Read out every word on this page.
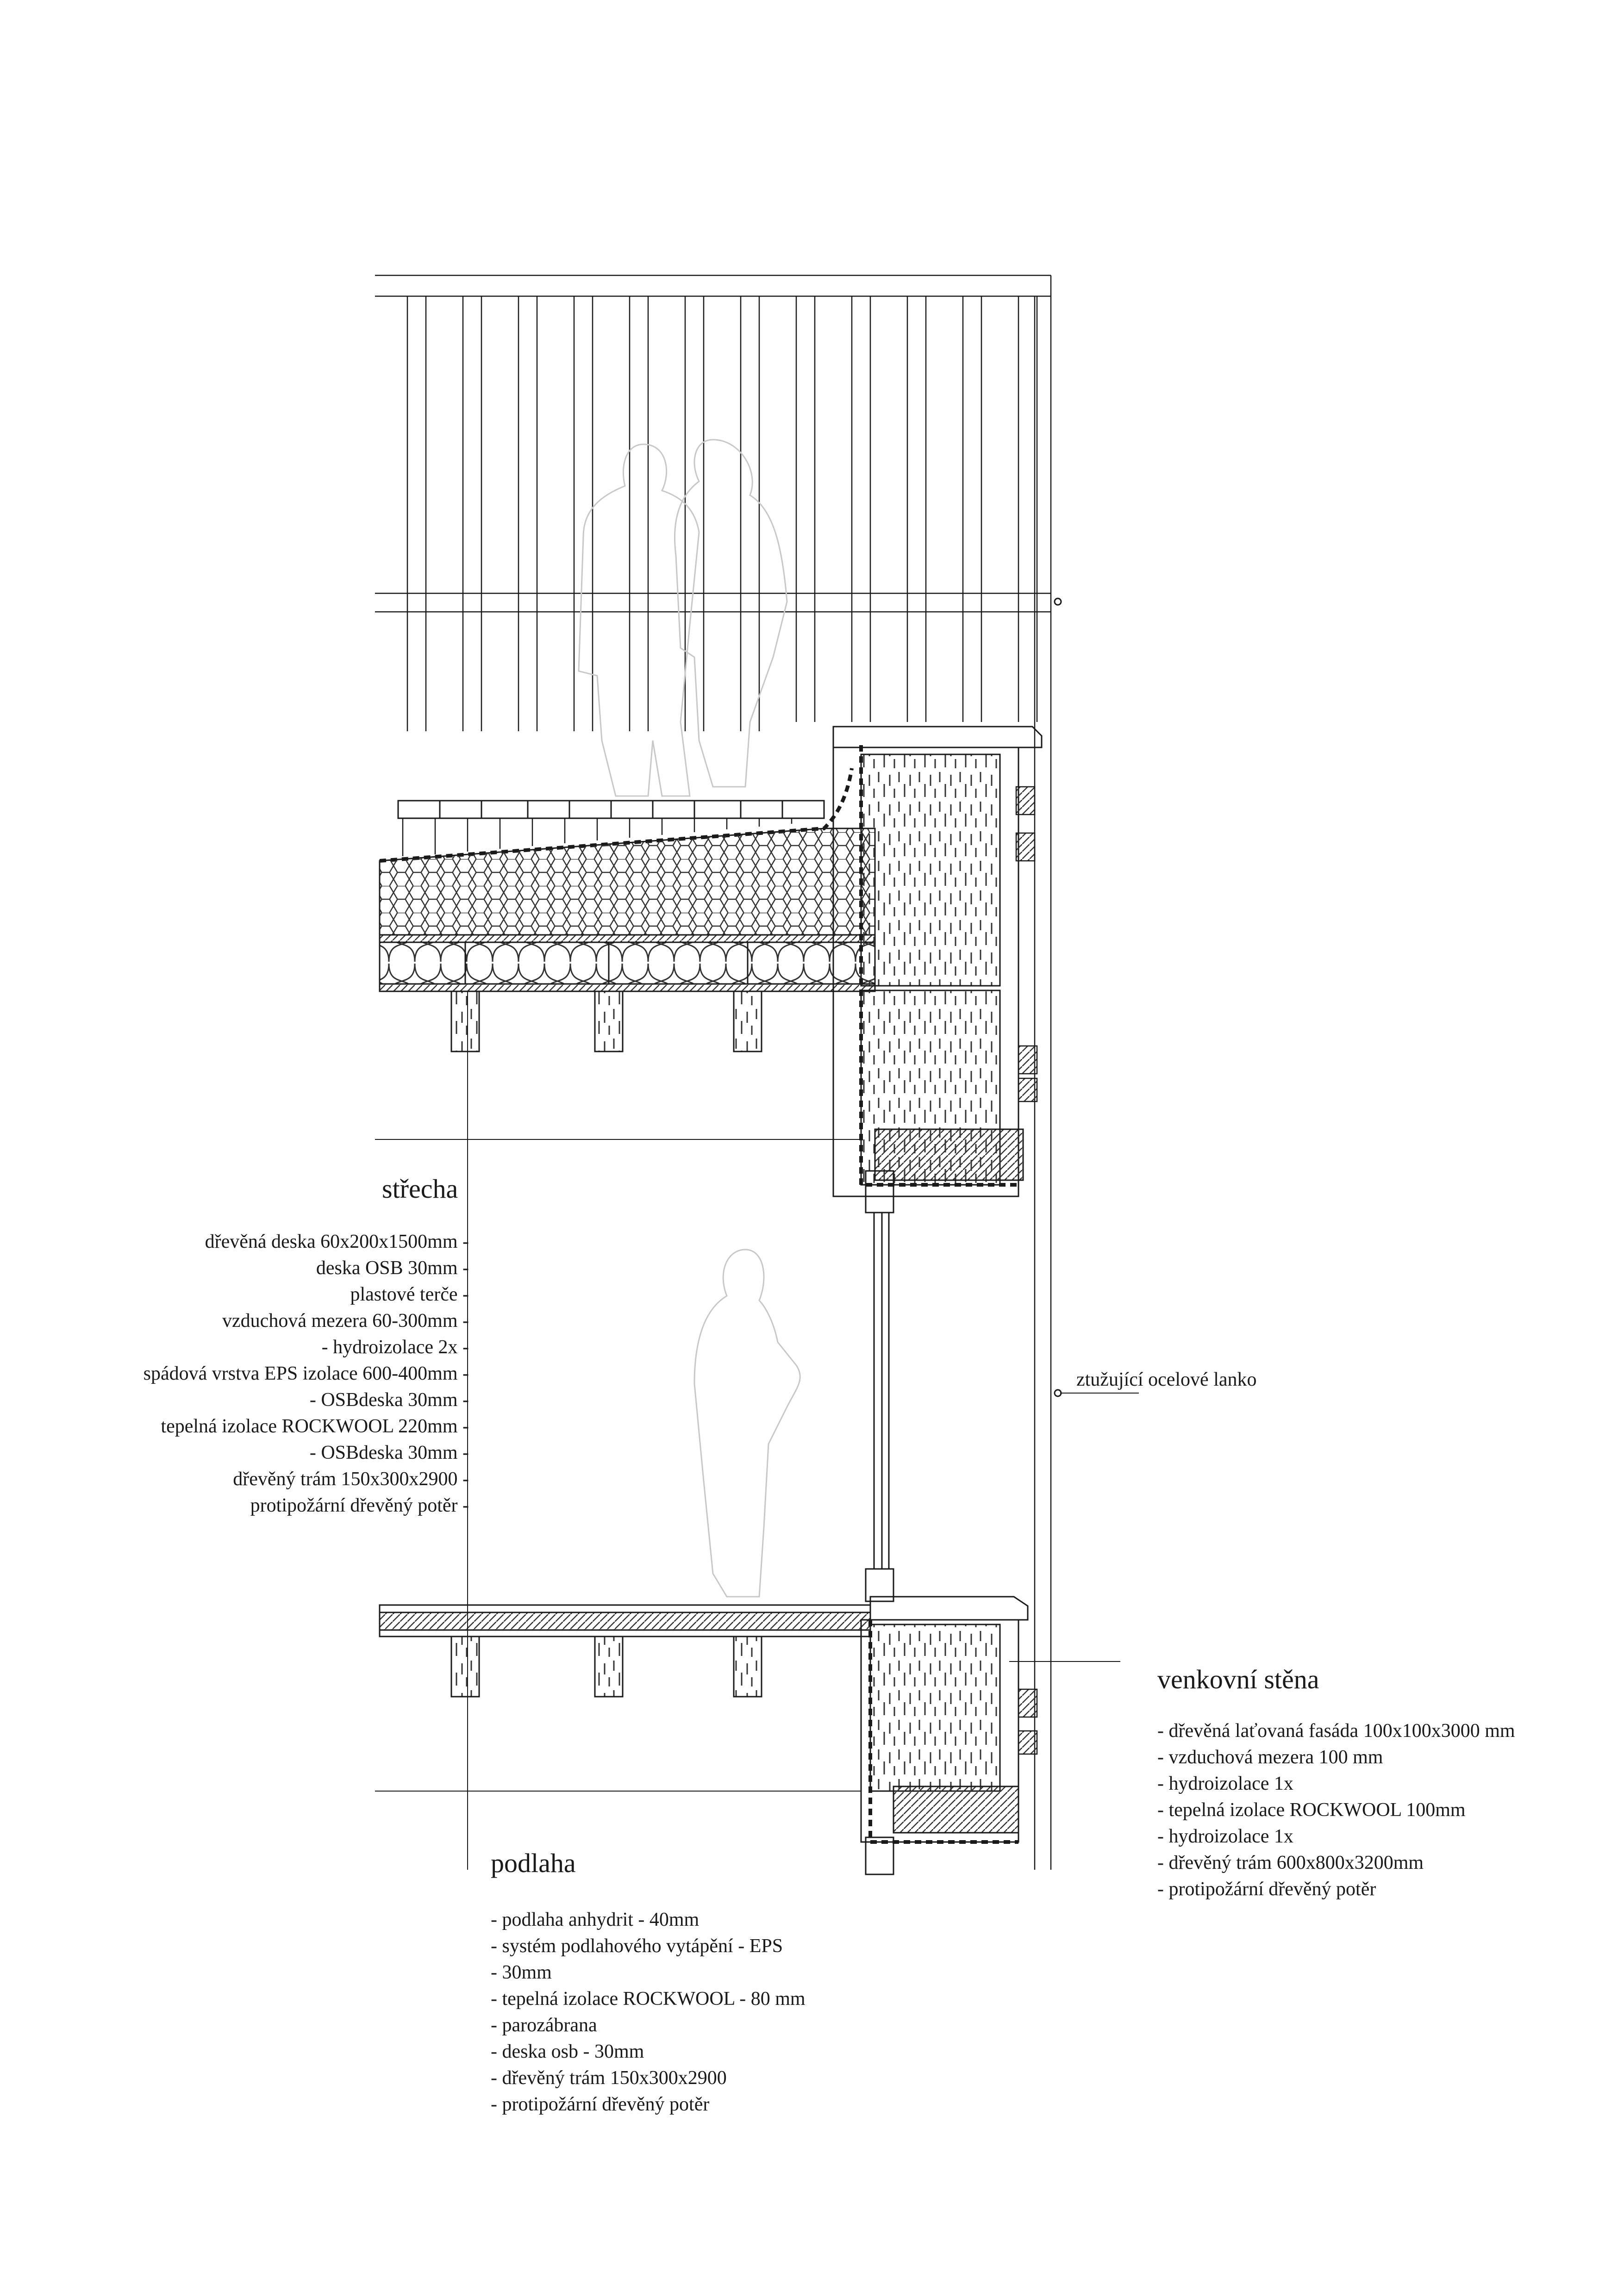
střecha
dřevěná deska 60x200x1500mm -
deska OSB 30mm -
plastové terče -
vzduchová mezera 60-300mm -
- hydroizolace 2x -
spádová vrstva EPS izolace 600-400mm -
- OSBdeska 30mm -
tepelná izolace ROCKWOOL 220mm -
- OSBdeska 30mm -
dřevěný trám 150x300x2900 -
protipožární dřevěný potěr -
ztužující ocelové lanko
venkovní stěna
- dřevěná laťovaná fasáda 100x100x3000 mm
- vzduchová mezera 100 mm
- hydroizolace 1x
- tepelná izolace ROCKWOOL 100mm
- hydroizolace 1x
- dřevěný trám 600x800x3200mm
- protipožární dřevěný potěr
podlaha
- podlaha anhydrit - 40mm
- systém podlahového vytápění - EPS
- 30mm
- tepelná izolace ROCKWOOL - 80 mm
- parozábrana
- deska osb - 30mm
- dřevěný trám 150x300x2900
- protipožární dřevěný potěr
